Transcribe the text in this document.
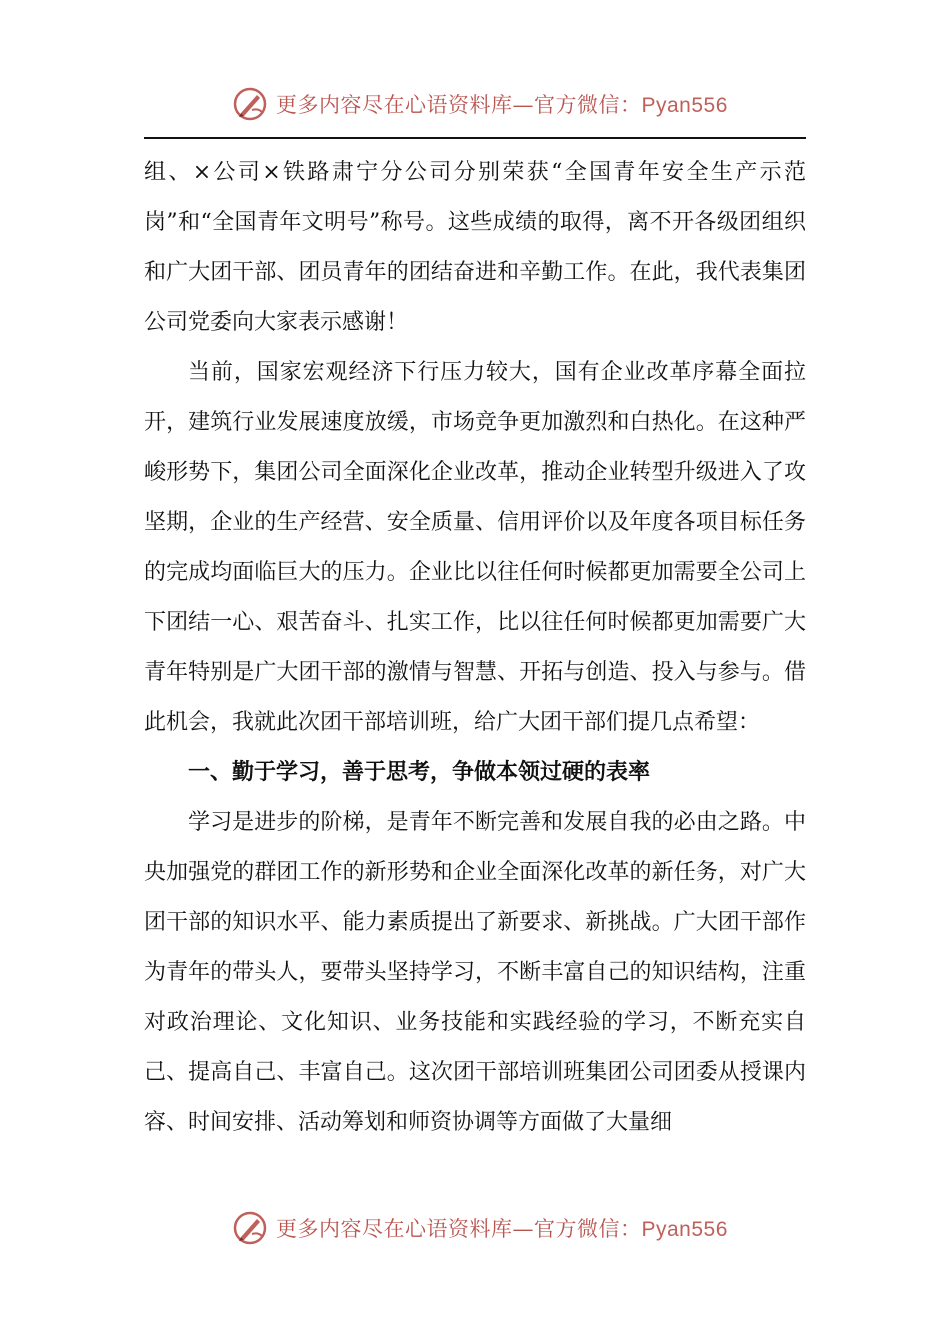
更多内容尽在心语资料库—官方微信：Pyan556

组、×公司×铁路肃宁分公司分别荣获“全国青年安全生产示范岗”和“全国青年文明号”称号。这些成绩的取得，离不开各级团组织和广大团干部、团员青年的团结奋进和辛勤工作。在此，我代表集团公司党委向大家表示感谢！

当前，国家宏观经济下行压力较大，国有企业改革序幕全面拉开，建筑行业发展速度放缓，市场竞争更加激烈和白热化。在这种严峻形势下，集团公司全面深化企业改革，推动企业转型升级进入了攻坚期，企业的生产经营、安全质量、信用评价以及年度各项目标任务的完成均面临巨大的压力。企业比以往任何时候都更加需要全公司上下团结一心、艰苦奋斗、扎实工作，比以往任何时候都更加需要广大青年特别是广大团干部的激情与智慧、开拓与创造、投入与参与。借此机会，我就此次团干部培训班，给广大团干部们提几点希望：

一、勤于学习，善于思考，争做本领过硬的表率

学习是进步的阶梯，是青年不断完善和发展自我的必由之路。中央加强党的群团工作的新形势和企业全面深化改革的新任务，对广大团干部的知识水平、能力素质提出了新要求、新挑战。广大团干部作为青年的带头人，要带头坚持学习，不断丰富自己的知识结构，注重对政治理论、文化知识、业务技能和实践经验的学习，不断充实自己、提高自己、丰富自己。这次团干部培训班集团公司团委从授课内容、时间安排、活动筹划和师资协调等方面做了大量细

更多内容尽在心语资料库—官方微信：Pyan556
